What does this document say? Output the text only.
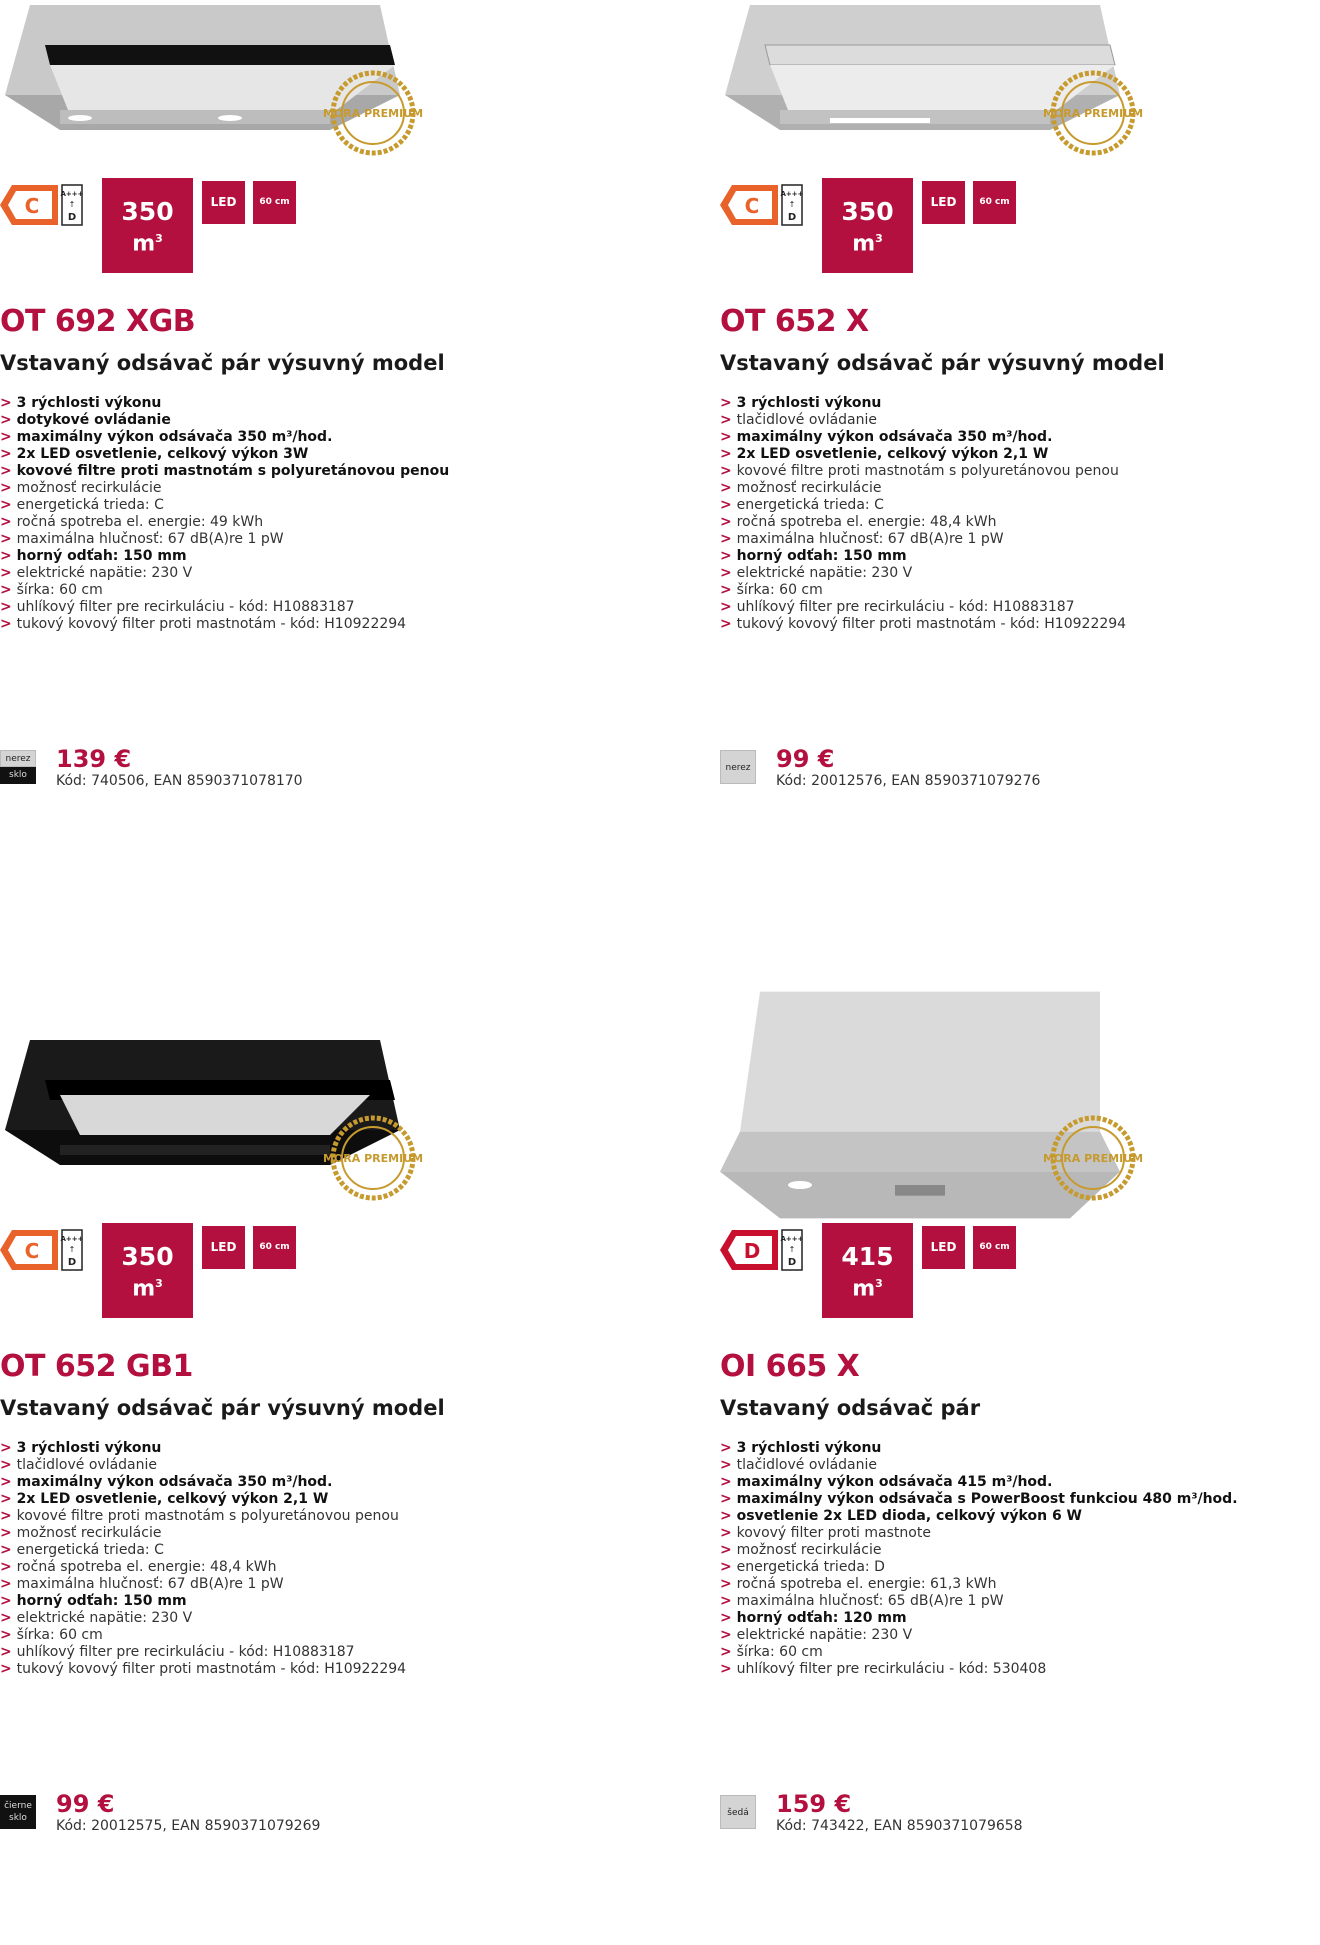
MORA PREMIUM
C	A+++
↑
D	350
$m^3$
LED	60 cm
OT 692 XGB
Vstavaný odsávač pár výsuvný model
> 3 rýchlosti výkonu
> dotykové ovládanie
> maximálny výkon odsávača 350 m³/hod.
> 2x LED osvetlenie, celkový výkon 3W
> kovové filtre proti mastnotám s polyuretánovou penou
> možnosť recirkulácie
> energetická trieda: C
> ročná spotreba el. energie: 49 kWh
> maximálna hlučnosť: 67 dB(A)re 1 pW
> horný odťah: 150 mm
> elektrické napätie: 230 V
> šírka: 60 cm
> uhlíkový filter pre recirkuláciu - kód: H10883187
> tukový kovový filter proti mastnotám - kód: H10922294
nerez
sklo
139 €
Kód: 740506, EAN 8590371078170
MORA PREMIUM
C	A+++
↑
D	350
$m^3$
LED	60 cm
OT 652 X
Vstavaný odsávač pár výsuvný model
> 3 rýchlosti výkonu
> tlačidlové ovládanie
> maximálny výkon odsávača 350 m³/hod.
> 2x LED osvetlenie, celkový výkon 2,1 W
> kovové filtre proti mastnotám s polyuretánovou penou
> možnosť recirkulácie
> energetická trieda: C
> ročná spotreba el. energie: 48,4 kWh
> maximálna hlučnosť: 67 dB(A)re 1 pW
> horný odťah: 150 mm
> elektrické napätie: 230 V
> šírka: 60 cm
> uhlíkový filter pre recirkuláciu - kód: H10883187
> tukový kovový filter proti mastnotám - kód: H10922294
nerez 99 €
Kód: 20012576, EAN 8590371079276
MORA PREMIUM
C	A+++
↑
D	350
$m^3$
LED	60 cm
OT 652 GB1
Vstavaný odsávač pár výsuvný model
> 3 rýchlosti výkonu
> tlačidlové ovládanie
> maximálny výkon odsávača 350 m³/hod.
> 2x LED osvetlenie, celkový výkon 2,1 W
> kovové filtre proti mastnotám s polyuretánovou penou
> možnosť recirkulácie
> energetická trieda: C
> ročná spotreba el. energie: 48,4 kWh
> maximálna hlučnosť: 67 dB(A)re 1 pW
> horný odťah: 150 mm
> elektrické napätie: 230 V
> šírka: 60 cm
> uhlíkový filter pre recirkuláciu - kód: H10883187
> tukový kovový filter proti mastnotám - kód: H10922294
čierne sklo	99 €
Kód: 20012575, EAN 8590371079269
MORA PREMIUM
D	A+++
↑
D	415
$m^3$
LED	60 cm
OI 665 X
Vstavaný odsávač pár
> 3 rýchlosti výkonu
> tlačidlové ovládanie
> maximálny výkon odsávača 415 m³/hod.
> maximálny výkon odsávača s PowerBoost funkciou 480 m³/hod.
> osvetlenie 2x LED dioda, celkový výkon 6 W
> kovový filter proti mastnote
> možnosť recirkulácie
> energetická trieda: D
> ročná spotreba el. energie: 61,3 kWh
> maximálna hlučnosť: 65 dB(A)re 1 pW
> horný odťah: 120 mm
> elektrické napätie: 230 V
> šírka: 60 cm
> uhlíkový filter pre recirkuláciu - kód: 530408
šedá	159 €
Kód: 743422, EAN 8590371079658
